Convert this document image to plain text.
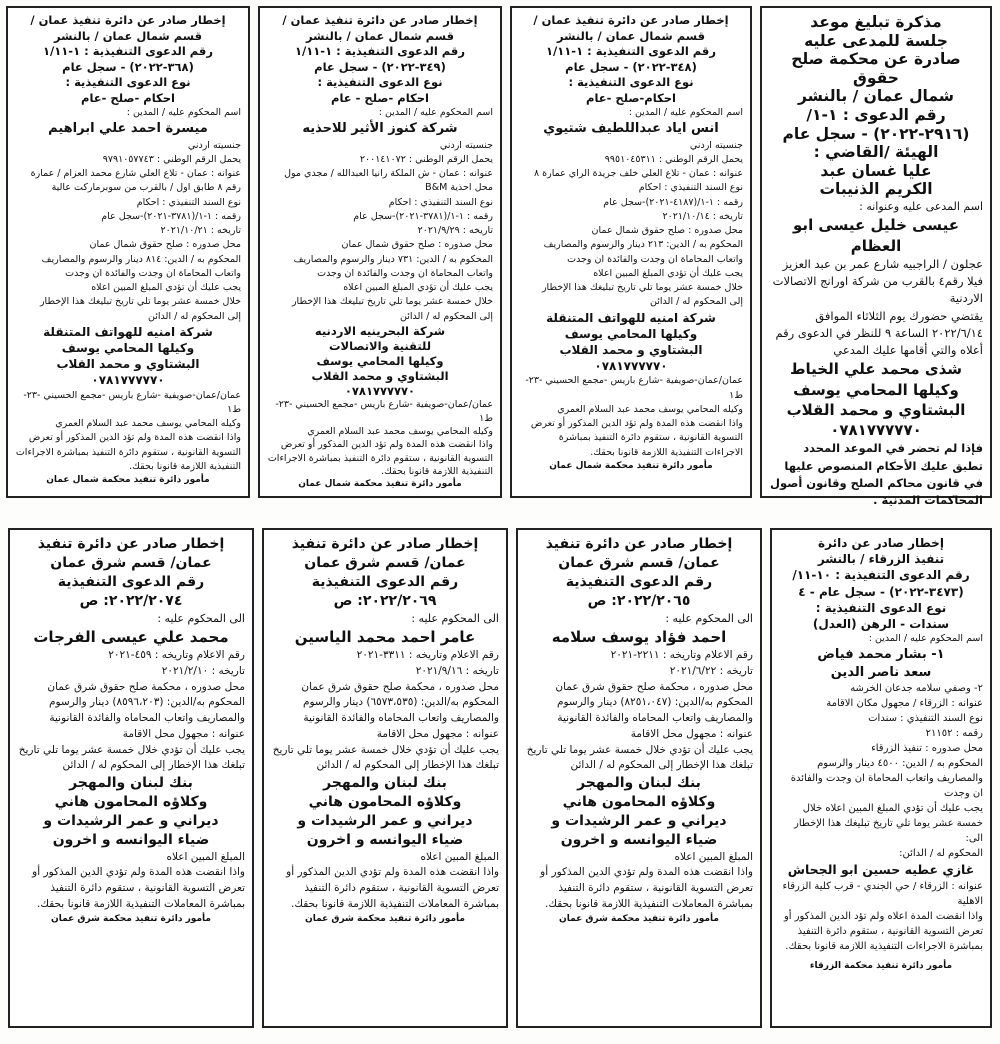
مذكرة تبليغ موعد
جلسة للمدعى عليه
صادرة عن محكمة صلح حقوق
شمال عمان / بالنشر
رقم الدعوى : ١-١/
(٢٩١٦-٢٠٢٢) - سجل عام
الهيئة /القاضي :
عليا غسان عبد
الكريم الذنيبات
اسم المدعى عليه وعنوانه :
عيسى خليل عيسى ابو العظام
عجلون / الراجبيه شارع عمر بن عبد العزيز فيلا رقم٤ بالقرب من شركة اورانج الاتصالات الاردنية
يقتضي حضورك يوم الثلاثاء الموافق ٢٠٢٢/٦/١٤ الساعة ٩ للنظر في الدعوى رقم أعلاه والتي أقامها عليك المدعي
شذى محمد علي الخياط
وكيلها المحامي يوسف
البشتاوي و محمد القلاب
٠٧٨١٧٧٧٧٧٠
فإذا لم تحضر في الموعد المحدد تطبق عليك الأحكام المنصوص عليها في قانون محاكم الصلح وقانون أصول المحاكمات المدنية .
إخطار صادر عن دائرة تنفيذ عمان /
قسم شمال عمان / بالنشر
رقم الدعوى التنفيذية : ١-١/١١
(٣٤٨-٢٠٢٢) - سجل عام
نوع الدعوى التنفيذية :
احكام-صلح -عام
اسم المحكوم عليه / المدين :
انس اياد عبداللطيف شتيوي
جنسيته اردني
يحمل الرقم الوطني : ٩٩٥١٠٤٥٣١١
عنوانه : عمان - تلاع العلي خلف جريدة الراي عمارة ٨
نوع السند التنفيذي : احكام
رقمه : ١-١/(٤١٨٧-٢٠٢١)-سجل عام
تاريخه : ٢٠٢١/١٠/١٤
محل صدوره : صلح حقوق شمال عمان
المحكوم به / الدين: ٢١٣ دينار والرسوم والمصاريف واتعاب المحاماة ان وجدت والفائدة ان وجدت
يجب عليك أن تؤدي المبلغ المبين اعلاه
خلال خمسة عشر يوما تلي تاريخ تبليغك هذا الإخطار
إلى المحكوم له / الدائن
شركة امنيه للهواتف المتنقلة
وكيلها المحامي يوسف
البشتاوي و محمد القلاب
٠٧٨١٧٧٧٧٧٠
عمان/عمان-صويفية -شارع باريس -مجمع الحسيني -٢٣-ط١
وكيله المحامي يوسف محمد عبد السلام العمري
واذا انقضت هذه المدة ولم تؤد الدين المذكور أو تعرض التسوية القانونية ، ستقوم دائرة التنفيذ بمباشرة الاجراءات التنفيذية اللازمة قانونا بحقك.
مأمور دائرة تنفيذ محكمة شمال عمان
إخطار صادر عن دائرة تنفيذ عمان /
قسم شمال عمان / بالنشر
رقم الدعوى التنفيذية : ١-١/١١
(٣٤٩-٢٠٢٢) - سجل عام
نوع الدعوى التنفيذية :
احكام -صلح - عام
اسم المحكوم عليه / المدين :
شركة كنوز الأثير للاحذيه
جنسيته اردني
يحمل الرقم الوطني : ٢٠٠١٤١٠٧٢
عنوانه : عمان - ش الملكة رانيا العبدالله / مجدي مول محل احذية B&M
نوع السند التنفيذي : احكام
رقمه : ١-١/(٣٧٨١-٢٠٢١)-سجل عام
تاريخه : ٢٠٢١/٩/٢٩
محل صدوره : صلح حقوق شمال عمان
المحكوم به / الدين: ٧٣١ دينار والرسوم والمصاريف واتعاب المحاماة ان وجدت والفائدة ان وجدت
يجب عليك أن تؤدي المبلغ المبين اعلاه
خلال خمسة عشر يوما تلي تاريخ تبليغك هذا الإخطار
إلى المحكوم له / الدائن
شركة البحرينيه الاردنيه
للتقنية والاتصالات
وكيلها المحامي يوسف
البشتاوي و محمد القلاب
٠٧٨١٧٧٧٧٧٠
عمان/عمان-صويفية -شارع باريس -مجمع الحسيني -٢٣-ط١
وكيله المحامي يوسف محمد عبد السلام العمري
واذا انقضت هذه المدة ولم تؤد الدين المذكور أو تعرض التسوية القانونية ، ستقوم دائرة التنفيذ بمباشرة الاجراءات التنفيذية اللازمة قانونا بحقك.
مأمور دائرة تنفيذ محكمة شمال عمان
إخطار صادر عن دائرة تنفيذ عمان /
قسم شمال عمان / بالنشر
رقم الدعوى التنفيذية : ١-١/١١
(٣٦٨-٢٠٢٢) - سجل عام
نوع الدعوى التنفيذية :
احكام -صلح -عام
اسم المحكوم عليه / المدين :
ميسرة احمد علي ابراهيم
جنسيته اردني
يحمل الرقم الوطني : ٩٧٩١٠٥٧٧٤٣
عنوانه : عمان - تلاع العلي شارع محمد العزام / عمارة رقم ٨ طابق اول / بالقرب من سوبرماركت عالية
نوع السند التنفيذي : احكام
رقمه : ١-١/(٣٧٨١-٢٠٢١)-سجل عام
تاريخه : ٢٠٢١/١٠/٢١
محل صدوره : صلح حقوق شمال عمان
المحكوم به / الدين: ٨١٤ دينار والرسوم والمصاريف واتعاب المحاماة ان وجدت والفائدة ان وجدت
يجب عليك أن تؤدي المبلغ المبين اعلاه
خلال خمسة عشر يوما تلي تاريخ تبليغك هذا الإخطار
إلى المحكوم له / الدائن
شركة امنيه للهواتف المتنقلة
وكيلها المحامي يوسف
البشتاوي و محمد القلاب
٠٧٨١٧٧٧٧٧٠
عمان/عمان-صويفية -شارع باريس -مجمع الحسيني -٢٣-ط١
وكيله المحامي يوسف محمد عبد السلام العمري
واذا انقضت هذه المدة ولم تؤد الدين المذكور أو تعرض التسوية القانونية ، ستقوم دائرة التنفيذ بمباشرة الاجراءات التنفيذية اللازمة قانونا بحقك.
مأمور دائرة تنفيذ محكمة شمال عمان
إخطار صادر عن دائرة
تنفيذ الزرقاء / بالنشر
رقم الدعوى التنفيذية : ١٠-١١/
(٣٤٧٣-٢٠٢٢) - سجل عام - ٤
نوع الدعوى التنفيذية :
سندات - الرهن (العدل)
اسم المحكوم عليه / المدين :
١- بشار محمد فياض
سعد ناصر الدين
٢- وصفي سلامه جدعان الخرشه
عنوانه : الزرقاء / مجهول مكان الاقامة
نوع السند التنفيذي : سندات
رقمه : ٢١١٥٢
محل صدوره : تنفيذ الزرقاء
المحكوم به / الدين: ٤٥٠٠ دينار والرسوم والمصاريف واتعاب المحاماة ان وجدت والفائدة ان وجدت
يجب عليك أن تؤدي المبلغ المبين اعلاه خلال خمسة عشر يوما تلي تاريخ تبليغك هذا الإخطار الى:
المحكوم له / الدائن:
غازي عطيه حسين ابو الجحاش
عنوانه : الزرقاء / حي الجندي - قرب كلية الزرقاء الاهلية
واذا انقضت المدة اعلاه ولم تؤد الدين المذكور أو تعرض التسوية القانونية ، ستقوم دائرة التنفيذ بمباشرة الاجراءات التنفيذية اللازمة قانونا بحقك.
مأمور دائرة تنفيذ محكمة الزرقاء
إخطار صادر عن دائرة تنفيذ
عمان/ قسم شرق عمان
رقم الدعوى التنفيذية
٢٠٢٢/٢٠٦٥: ص
الى المحكوم عليه :
احمد فؤاد يوسف سلامه
رقم الاعلام وتاريخه : ٢٢١١-٢٠٢١
تاريخه : ٢٠٢١/٦/٢٢
محل صدوره ، محكمة صلح حقوق شرق عمان
المحكوم به/الدين: (٨٢٥١،٠٤٧) دينار والرسوم والمصاريف واتعاب المحاماه والفائدة القانونية
عنوانه : مجهول محل الاقامة
يجب عليك أن تؤدي خلال خمسة عشر يوما تلي تاريخ تبلغك هذا الإخطار إلى المحكوم له / الدائن
بنك لبنان والمهجر
وكلاؤه المحامون هاني
ديراني و عمر الرشيدات و
ضياء اليوانسه و اخرون
المبلغ المبين اعلاه
واذا انقضت هذه المدة ولم تؤدي الدين المذكور أو تعرض التسوية القانونية ، ستقوم دائرة التنفيذ بمباشرة المعاملات التنفيذية اللازمة قانونا بحقك.
مأمور دائرة تنفيذ محكمة شرق عمان
إخطار صادر عن دائرة تنفيذ
عمان/ قسم شرق عمان
رقم الدعوى التنفيذية
٢٠٢٢/٢٠٦٩: ص
الى المحكوم عليه :
عامر احمد محمد الياسين
رقم الاعلام وتاريخه : ٣٣١١-٢٠٢١
تاريخه : ٢٠٢١/٩/١٦
محل صدوره ، محكمة صلح حقوق شرق عمان
المحكوم به/الدين: (٦٥٧٣،٥٣٥) دينار والرسوم والمصاريف واتعاب المحاماه والفائدة القانونية
عنوانه : مجهول محل الاقامة
يجب عليك أن تؤدي خلال خمسة عشر يوما تلي تاريخ تبلغك هذا الإخطار إلى المحكوم له / الدائن
بنك لبنان والمهجر
وكلاؤه المحامون هاني
ديراني و عمر الرشيدات و
ضياء اليوانسه و اخرون
المبلغ المبين اعلاه
واذا انقضت هذه المدة ولم تؤدي الدين المذكور أو تعرض التسوية القانونية ، ستقوم دائرة التنفيذ بمباشرة المعاملات التنفيذية اللازمة قانونا بحقك.
مأمور دائرة تنفيذ محكمة شرق عمان
إخطار صادر عن دائرة تنفيذ
عمان/ قسم شرق عمان
رقم الدعوى التنفيذية
٢٠٢٢/٢٠٧٤: ص
الى المحكوم عليه :
محمد علي عيسى الفرجات
رقم الاعلام وتاريخه : ٤٥٩-٢٠٢١
تاريخه : ٢٠٢١/٢/١٠
محل صدوره ، محكمة صلح حقوق شرق عمان
المحكوم به/الدين: (٨٥٩٦،٢٠٣) دينار والرسوم والمصاريف واتعاب المحاماه والفائدة القانونية
عنوانه : مجهول محل الاقامة
يجب عليك أن تؤدي خلال خمسة عشر يوما تلي تاريخ تبلغك هذا الإخطار إلى المحكوم له / الدائن
بنك لبنان والمهجر
وكلاؤه المحامون هاني
ديراني و عمر الرشيدات و
ضياء اليوانسه و اخرون
المبلغ المبين اعلاه
واذا انقضت هذه المدة ولم تؤدي الدين المذكور أو تعرض التسوية القانونية ، ستقوم دائرة التنفيذ بمباشرة المعاملات التنفيذية اللازمة قانونا بحقك.
مأمور دائرة تنفيذ محكمة شرق عمان
